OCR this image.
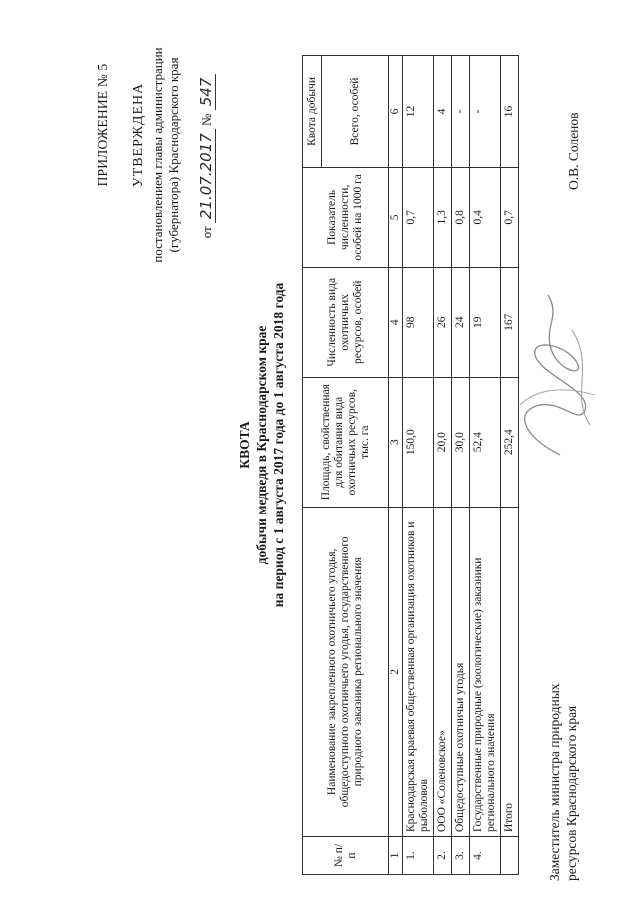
ПРИЛОЖЕНИЕ № 5 УТВЕРЖДЕНА постановлением главы администрации (губернатора) Краснодарского края от 21.07.2017 № 547
КВОТА добычи медведя в Краснодарском крае на период с 1 августа 2017 года до 1 августа 2018 года
№ п/п	Наименование закрепленного охотничьего угодья, общедоступного охотничьего угодья, государственного природного заказника регионального значения	Площадь, свойственная для обитания вида охотничьих ресурсов, тыс. га	Численность вида охотничьих ресурсов, особей	Показатель численности, особей на 1000 га	Квота добычи
					Всего, особей
1	2	3	4	5	6
1.	Краснодарская краевая общественная организация охотников и рыболовов	150,0	98	0,7	12
2.	ООО «Соленовское»	20,0	26	1,3	4
3.	Общедоступные охотничьи угодья	30,0	24	0,8	-
4.	Государственные природные (зоологические) заказники регионального значения	52,4	19	0,4	-
	Итого	252,4	167	0,7	16
Заместитель министра природных ресурсов Краснодарского края
О.В. Соленов
